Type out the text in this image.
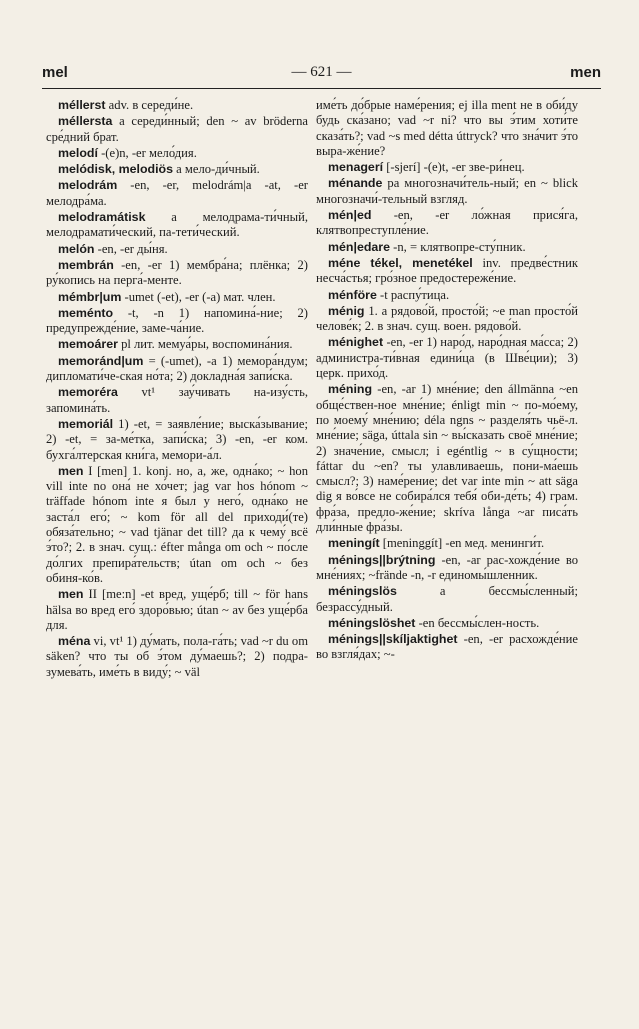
mel	— 621 —	men

méllerst adv. в середи́не.

méllersta a середи́нный; den ~ av bröderna сре́дний брат.

melodí -(e)n, -er мело́дия.

melódisk, melodiös a мело-ди́чный.

melodrám -en, -er, melodrám|a -at, -er мелодра́ма.

melodramátisk a мелодрама-ти́чный, мелодрамати́ческий, па-тети́ческий.

melón -en, -er ды́ня.

membrán -en, -er 1) мембра́на; плёнка; 2) ру́копись на перга́-менте.

mémbr|um -umet (-et), -er (-a) мат. член.

meménto -t, -n 1) напомина́-ние; 2) предупрежде́ние, заме-ча́ние.

memoárer pl лит. мемуа́ры, воспомина́ния.

memoránd|um = (-umet), -a 1) мемора́ндум; дипломати́че-ская но́та; 2) докладна́я запи́ска.

memoréra vt¹ зау́чивать на-изу́сть, запомина́ть.

memoriál 1) -et, = заявле́ние; выска́зывание; 2) -et, = за-ме́тка, запи́ска; 3) -en, -er ком. бухга́лтерская кни́га, мемори-а́л.

men I [men] 1. konj. но, а, же, одна́ко; ~ hon vill inte no она́ не хо́чет; jag var hos hónom ~ träffade hónom inte я был у него́, одна́ко не заста́л его́; ~ kom för all del приходи́(те) обяза́тельно; ~ vad tjänar det till? да к чему́ всё э́то?; 2. в знач. сущ.: éfter många om och ~ по́сле до́лгих препира́тельств; útan om och ~ без обиня-ко́в.

men II [me:n] -et вред, уще́рб; till ~ för hans hälsa во вред его́ здоро́вью; útan ~ av без уще́рба для.

ména vi, vt¹ 1) ду́мать, пола-га́ть; vad ~r du om säken? что ты об э́том ду́маешь?; 2) подра-зумева́ть, име́ть в виду́; ~ väl

име́ть до́брые наме́рения; ej illa ment не в оби́ду будь ска́зано; vad ~r ni? что вы э́тим хоти́те сказа́ть?; vad ~s med détta úttryck? что зна́чит э́то выра-же́ние?

menagerí [-sjerí] -(e)t, -er зве-ри́нец.

ménande pa многозначи́тель-ный; en ~ blick многозначи́-тельный взгляд.

mén|ed -en, -er ло́жная прися́га, клятвопреступле́ние.

mén|edare -n, = клятвопре-сту́пник.

méne tékel, menetékel inv. предве́стник несча́стья; гро́зное предостереже́ние.

ménföre -t распу́тица.

ménig 1. a рядово́й, просто́й; ~e man просто́й челове́к; 2. в знач. сущ. воен. рядово́й.

ménighet -en, -er 1) наро́д, наро́дная ма́сса; 2) администра-ти́вная едини́ца (в Шве́ции); 3) церк. прихо́д.

méning -en, -ar 1) мне́ние; den állmänna ~en обще́ствен-ное мне́ние; énligt min ~ по-мо́ему, по моему́ мне́нию; déla ngns ~ разделя́ть чьё-л. мне́ние; säga, úttala sin ~ вы́сказать своё мне́ние; 2) значе́ние, смысл; i egéntlig ~ в су́щности; fáttar du ~en? ты улавливаешь, пони-ма́ешь смысл?; 3) наме́рение; det var inte min ~ att säga dig я во́все не собира́лся тебя́ оби-де́ть; 4) грам. фра́за, предло-же́ние; skríva långa ~ar писа́ть дли́нные фра́зы.

meningít [meninggít] -en мед. менинги́т.

ménings||brýtning -en, -ar рас-хожде́ние во мне́ниях; ~frände -n, -r единомы́шленник.

méningslös a бессмы́сленный; безрассу́дный.

méningslöshet -en бессмы́слен-ность.

ménings||skíljaktighet -en, -er расхожде́ние во взгля́дах; ~-
